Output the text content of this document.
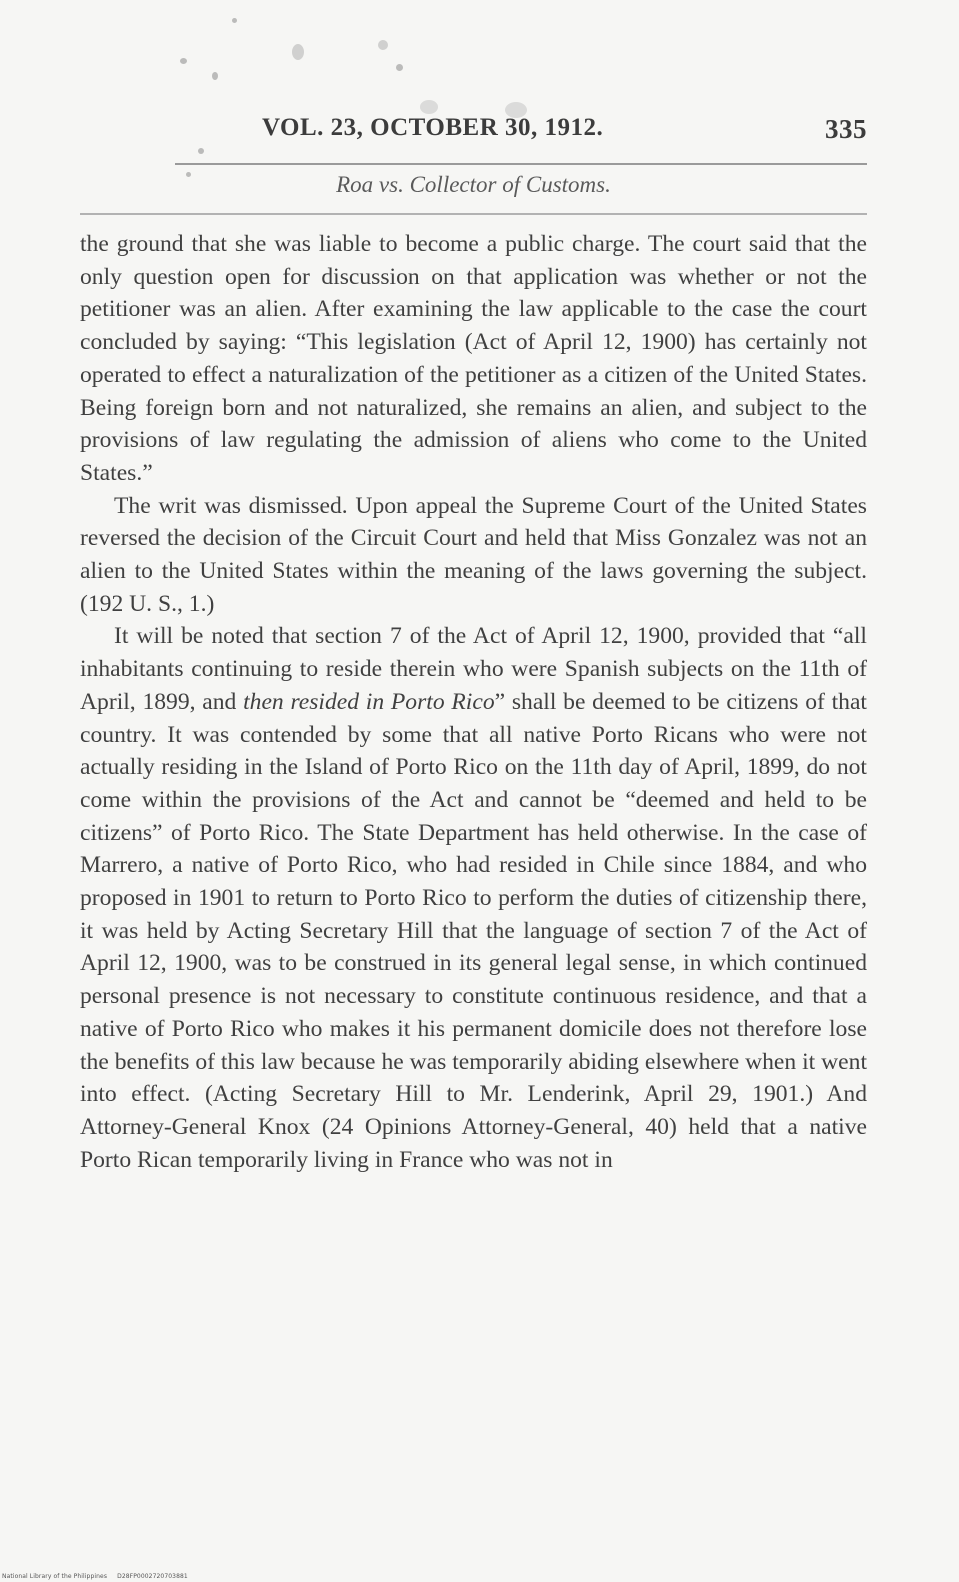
VOL. 23, OCTOBER 30, 1912.	335
Roa vs. Collector of Customs.

the ground that she was liable to become a public charge. The court said that the only question open for discussion on that application was whether or not the petitioner was an alien. After examining the law applicable to the case the court concluded by saying: “This legislation (Act of April 12, 1900) has certainly not operated to effect a naturalization of the petitioner as a citizen of the United States. Being foreign born and not naturalized, she remains an alien, and subject to the provisions of law regulating the admission of aliens who come to the United States.”

The writ was dismissed. Upon appeal the Supreme Court of the United States reversed the decision of the Circuit Court and held that Miss Gonzalez was not an alien to the United States within the meaning of the laws governing the subject. (192 U. S., 1.)

It will be noted that section 7 of the Act of April 12, 1900, provided that “all inhabitants continuing to reside therein who were Spanish subjects on the 11th of April, 1899, and then resided in Porto Rico” shall be deemed to be citizens of that country. It was contended by some that all native Porto Ricans who were not actually residing in the Island of Porto Rico on the 11th day of April, 1899, do not come within the provisions of the Act and cannot be “deemed and held to be citizens” of Porto Rico. The State Department has held otherwise. In the case of Marrero, a native of Porto Rico, who had resided in Chile since 1884, and who proposed in 1901 to return to Porto Rico to perform the duties of citizenship there, it was held by Acting Secretary Hill that the language of section 7 of the Act of April 12, 1900, was to be construed in its general legal sense, in which continued personal presence is not necessary to constitute continuous residence, and that a native of Porto Rico who makes it his permanent domicile does not therefore lose the benefits of this law because he was temporarily abiding elsewhere when it went into effect. (Acting Secretary Hill to Mr. Lenderink, April 29, 1901.) And Attorney-General Knox (24 Opinions Attorney-General, 40) held that a native Porto Rican temporarily living in France who was not in

National Library of the Philippines D28FP0002720703881
